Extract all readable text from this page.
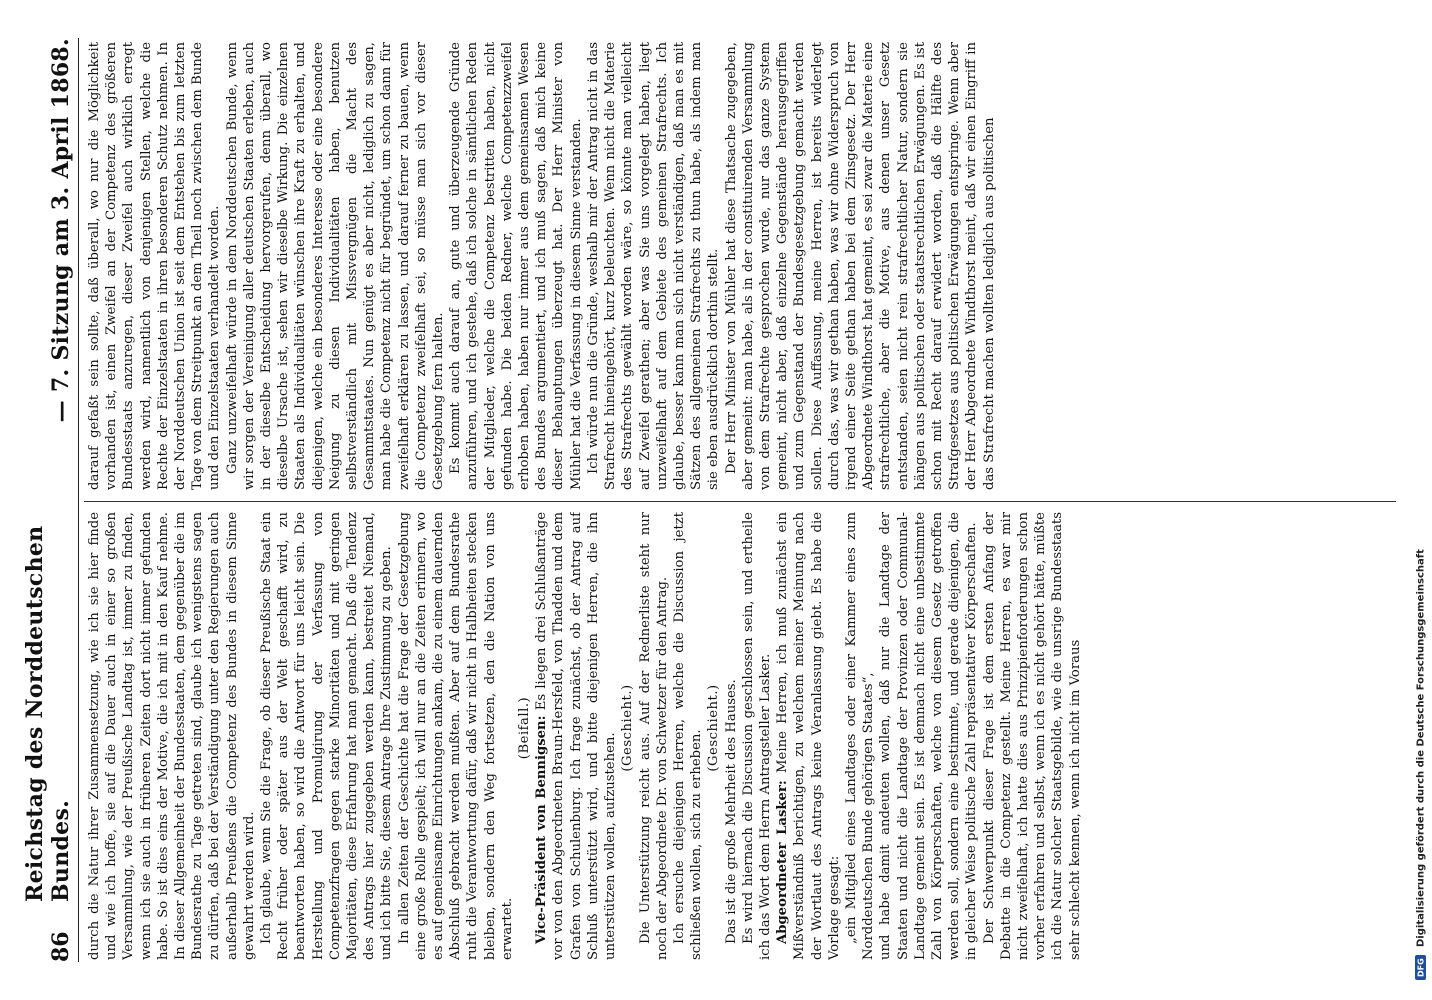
86
Reichstag des Norddeutschen Bundes.
— 7. Sitzung am 3. April 1868.

durch die Natur ihrer Zusammensetzung, wie ich sie hier finde und wie ich hoffe, sie auf die Dauer auch in einer so großen Versammlung, wie der Preußische Landtag ist, immer zu finden, wenn ich sie auch in früheren Zeiten dort nicht immer gefunden habe. So ist dies eins der Motive, die ich mit in den Kauf nehme. In dieser Allgemeinheit der Bundesstaaten, dem gegenüber die im Bundesrathe zu Tage getreten sind, glaube ich wenigstens sagen zu dürfen, daß bei der Verständigung unter den Regierungen auch außerhalb Preußens die Competenz des Bundes in diesem Sinne gewahrt werden wird. Ich glaube, wenn Sie die Frage, ob dieser Preußische Staat ein Recht früher oder später aus der Welt geschafft wird, zu beantworten haben, so wird die Antwort für uns leicht sein. Die Herstellung und Promulgirung der Verfassung von Competenzfragen gegen starke Minoritäten und mit geringen Majoritäten, diese Erfahrung hat man gemacht. Daß die Tendenz des Antrags hier zugegeben werden kann, bestreitet Niemand, und ich bitte Sie, diesem Antrage Ihre Zustimmung zu geben. In allen Zeiten der Geschichte hat die Frage der Gesetzgebung eine große Rolle gespielt; ich will nur an die Zeiten erinnern, wo es auf gemeinsame Einrichtungen ankam, die zu einem dauernden Abschluß gebracht werden mußten. Aber auf dem Bundesrathe ruht die Verantwortung dafür, daß wir nicht in Halbheiten stecken bleiben, sondern den Weg fortsetzen, den die Nation von uns erwartet.

(Beifall.) Vice-Präsident von Bennigsen: Es liegen drei Schlußanträge vor von den Abgeordneten Braun-Hersfeld, von Thadden und dem Grafen von Schulenburg. Ich frage zunächst, ob der Antrag auf Schluß unterstützt wird, und bitte diejenigen Herren, die ihn unterstützen wollen, aufzustehen.

(Geschieht.) Die Unterstützung reicht aus. Auf der Rednerliste steht nur noch der Abgeordnete Dr. von Schwetzer für den Antrag. Ich ersuche diejenigen Herren, welche die Discussion jetzt schließen wollen, sich zu erheben.

(Geschieht.) Das ist die große Mehrheit des Hauses. Es wird hiernach die Discussion geschlossen sein, und ertheile ich das Wort dem Herrn Antragsteller Lasker. Abgeordneter Lasker: Meine Herren, ich muß zunächst ein Mißverständniß berichtigen, zu welchem meiner Meinung nach der Wortlaut des Antrags keine Veranlassung giebt. Es habe die Vorlage gesagt: „ein Mitglied eines Landtages oder einer Kammer eines zum Norddeutschen Bunde gehörigen Staates“, und habe damit andeuten wollen, daß nur die Landtage der Staaten und nicht die Landtage der Provinzen oder Communal-Landtage gemeint sein. Es ist demnach nicht eine unbestimmte Zahl von Körperschaften, welche von diesem Gesetz getroffen werden soll, sondern eine bestimmte, und gerade diejenigen, die in gleicher Weise politische Zahl repräsentativer Körperschaften. Der Schwerpunkt dieser Frage ist dem ersten Anfang der Debatte in die Competenz gestellt. Meine Herren, es war mir nicht zweifelhaft, ich hatte dies aus Prinzipienforderungen schon vorher erfahren und selbst, wenn ich es nicht gehört hätte, müßte ich die Natur solcher Staatsgebilde, wie die unsrige Bundesstaats sehr schlecht kennen, wenn ich nicht im Voraus

darauf gefaßt sein sollte, daß überall, wo nur die Möglichkeit vorhanden ist, einen Zweifel an der Competenz des größeren Bundesstaats anzuregen, dieser Zweifel auch wirklich erregt werden wird, namentlich von denjenigen Stellen, welche die Rechte der Einzelstaaten in ihren besonderen Schutz nehmen. In der Norddeutschen Union ist seit dem Entstehen bis zum letzten Tage von dem Streitpunkt an dem Theil noch zwischen dem Bunde und den Einzelstaaten verhandelt worden. Ganz unzweifelhaft würde in dem Norddeutschen Bunde, wenn wir sorgen der Vereinigung aller deutschen Staaten erleben, auch in der dieselbe Entscheidung hervorgerufen, denn überall, wo dieselbe Ursache ist, sehen wir dieselbe Wirkung. Die einzelnen Staaten als Individualitäten wünschen ihre Kraft zu erhalten, und diejenigen, welche ein besonderes Interesse oder eine besondere Neigung zu diesen Individualitäten haben, benutzen selbstverständlich mit Missvergnügen die Macht des Gesammtstaates. Nun genügt es aber nicht, lediglich zu sagen, man habe die Competenz nicht für begründet, um schon dann für zweifelhaft erklären zu lassen, und darauf ferner zu bauen, wenn die Competenz zweifelhaft sei, so müsse man sich vor dieser Gesetzgebung fern halten. Es kommt auch darauf an, gute und überzeugende Gründe anzuführen, und ich gestehe, daß ich solche in sämtlichen Reden der Mitglieder, welche die Competenz bestritten haben, nicht gefunden habe. Die beiden Redner, welche Competenzzweifel erhoben haben, haben nur immer aus dem gemeinsamen Wesen des Bundes argumentiert, und ich muß sagen, daß mich keine dieser Behauptungen überzeugt hat. Der Herr Minister von Mühler hat die Verfassung in diesem Sinne verstanden. Ich würde nun die Gründe, weshalb mir der Antrag nicht in das Strafrecht hineingehört, kurz beleuchten. Wenn nicht die Materie des Strafrechts gewählt worden wäre, so könnte man vielleicht auf Zweifel gerathen; aber was Sie uns vorgelegt haben, liegt unzweifelhaft auf dem Gebiete des gemeinen Strafrechts. Ich glaube, besser kann man sich nicht verständigen, daß man es mit Sätzen des allgemeinen Strafrechts zu thun habe, als indem man sie eben ausdrücklich dorthin stellt. Der Herr Minister von Mühler hat diese Thatsache zugegeben, aber gemeint: man habe, als in der constituirenden Versammlung von dem Strafrechte gesprochen wurde, nur das ganze System gemeint, nicht aber, daß einzelne Gegenstände herausgegriffen und zum Gegenstand der Bundesgesetzgebung gemacht werden sollen. Diese Auffassung, meine Herren, ist bereits widerlegt durch das, was wir gethan haben, was wir ohne Widerspruch von irgend einer Seite gethan haben bei dem Zinsgesetz. Der Herr Abgeordnete Windthorst hat gemeint, es sei zwar die Materie eine strafrechtliche, aber die Motive, aus denen unser Gesetz entstanden, seien nicht rein strafrechtlicher Natur, sondern sie hängen aus politischen oder staatsrechtlichen Erwägungen. Es ist schon mit Recht darauf erwidert worden, daß die Hälfte des Strafgesetzes aus politischen Erwägungen entspringe. Wenn aber der Herr Abgeordnete Windthorst meint, daß wir einen Eingriff in das Strafrecht machen wollten lediglich aus politischen

DFG
Digitalisierung gefördert durch die Deutsche Forschungsgemeinschaft
